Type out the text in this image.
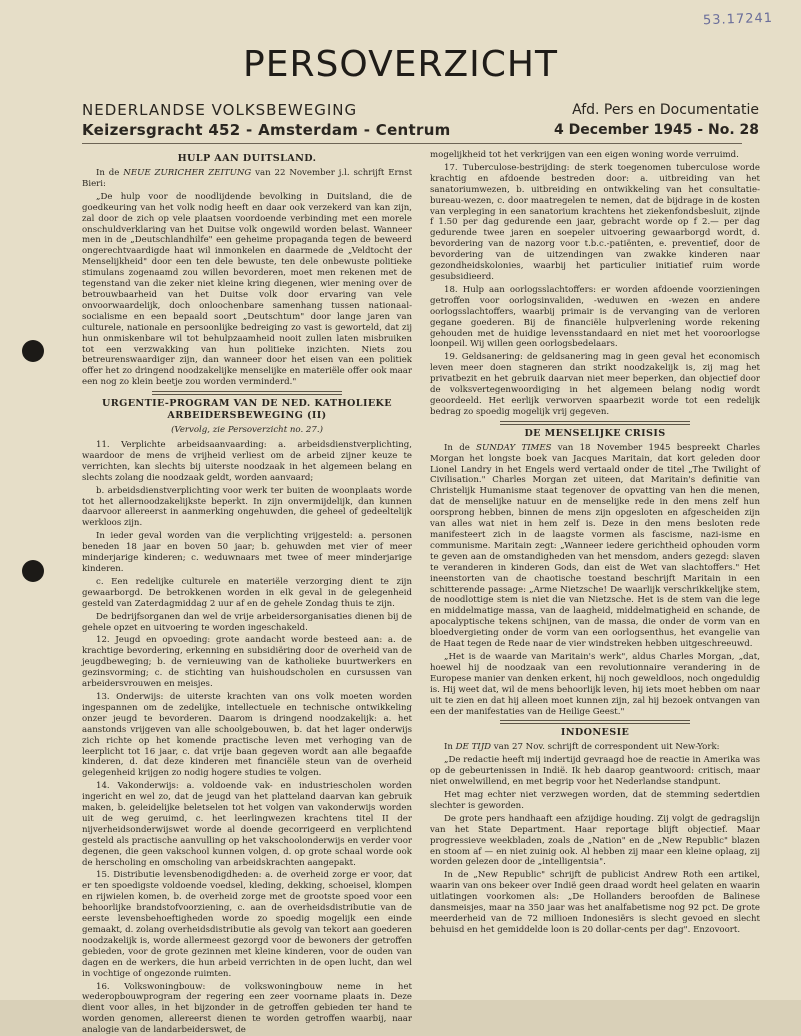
53.17241
PERSOVERZICHT
NEDERLANDSE VOLKSBEWEGING
Keizersgracht 452 - Amsterdam - Centrum
Afd. Pers en Documentatie
4 December 1945 - No. 28
HULP AAN DUITSLAND.

In de NEUE ZURICHER ZEITUNG van 22 November j.l. schrijft Ernst Bieri:

„De hulp voor de noodlijdende bevolking in Duitsland, die de goedkeuring van het volk nodig heeft en daar ook verzekerd van kan zijn, zal door de zich op vele plaatsen voordoende verbinding met een morele onschuldverklaring van het Duitse volk ongewild worden belast. Wanneer men in de „Deutschlandhilfe" een geheime propaganda tegen de beweerd ongerechtvaardigde haat wil inmonkelen en daarmede de „Veldtocht der Menselijkheid" door een ten dele bewuste, ten dele onbewuste politieke stimulans zogenaamd zou willen bevorderen, moet men rekenen met de tegenstand van die zeker niet kleine kring diegenen, wier mening over de betrouwbaarheid van het Duitse volk door ervaring van vele onvoorwaardelijk, doch onloochenbare samenhang tussen nationaal-socialisme en een bepaald soort „Deutschtum" door lange jaren van culturele, nationale en persoonlijke bedreiging zo vast is geworteld, dat zij hun onmiskenbare wil tot behulpzaamheid nooit zullen laten misbruiken tot een verzwakking van hun politieke inzichten. Niets zou betreurenswaardiger zijn, dan wanneer door het eisen van een politiek offer het zo dringend noodzakelijke menselijke en materiële offer ook maar een nog zo klein beetje zou worden verminderd."

URGENTIE-PROGRAM VAN DE NED. KATHOLIEKE ARBEIDERSBEWEGING (II)
(Vervolg, zie Persoverzicht no. 27.)

11. Verplichte arbeidsaanvaarding: a. arbeidsdienstverplichting, waardoor de mens de vrijheid verliest om de arbeid zijner keuze te verrichten, kan slechts bij uiterste noodzaak in het algemeen belang en slechts zolang die noodzaak geldt, worden aanvaard;

b. arbeidsdienstverplichting voor werk ter buiten de woonplaats worde tot het allernoodzakelijkste beperkt. In zijn onvermijdelijk, dan kunnen daarvoor allereerst in aanmerking ongehuwden, die geheel of gedeeltelijk werkloos zijn.

In ieder geval worden van die verplichting vrijgesteld: a. personen beneden 18 jaar en boven 50 jaar; b. gehuwden met vier of meer minderjarige kinderen; c. weduwnaars met twee of meer minderjarige kinderen.

c. Een redelijke culturele en materiële verzorging dient te zijn gewaarborgd. De betrokkenen worden in elk geval in de gelegenheid gesteld van Zaterdagmiddag 2 uur af en de gehele Zondag thuis te zijn.

De bedrijfsorganen dan wel de vrije arbeidersorganisaties dienen bij de gehele opzet en uitvoering te worden ingeschakeld.

12. Jeugd en opvoeding: grote aandacht worde besteed aan: a. de krachtige bevordering, erkenning en subsidiëring door de overheid van de jeugdbeweging; b. de vernieuwing van de katholieke buurtwerkers en gezinsvorming; c. de stichting van huishoudscholen en cursussen van arbeidersvrouwen en meisjes.

13. Onderwijs: de uiterste krachten van ons volk moeten worden ingespannen om de zedelijke, intellectuele en technische ontwikkeling onzer jeugd te bevorderen. Daarom is dringend noodzakelijk: a. het aanstonds vrijgeven van alle schoolgebouwen, b. dat het lager onderwijs zich richte op het komende practische leven met verhoging van de leerplicht tot 16 jaar, c. dat vrije baan gegeven wordt aan alle begaafde kinderen, d. dat deze kinderen met financiële steun van de overheid gelegenheid krijgen zo nodig hogere studies te volgen.

14. Vakonderwijs: a. voldoende vak- en industriescholen worden ingericht en wel zo, dat de jeugd van het platteland daarvan kan gebruik maken, b. geleidelijke beletselen tot het volgen van vakonderwijs worden uit de weg geruimd, c. het leerlingwezen krachtens titel II der nijverheidsonderwijswet worde al doende gecorrigeerd en verplichtend gesteld als practische aanvulling op het vakschoolonderwijs en verder voor degenen, die geen vakschool kunnen volgen, d. op grote schaal worde ook de herscholing en omscholing van arbeidskrachten aangepakt.

15. Distributie levensbenodigdheden: a. de overheid zorge er voor, dat er ten spoedigste voldoende voedsel, kleding, dekking, schoeisel, klompen en rijwielen komen, b. de overheid zorge met de grootste spoed voor een behoorlijke brandstofvoorziening, c. aan de overheidsdistributie van de eerste levensbehoeftigheden worde zo spoedig mogelijk een einde gemaakt, d. zolang overheidsdistributie als gevolg van tekort aan goederen noodzakelijk is, worde allermeest gezorgd voor de bewoners der getroffen gebieden, voor de grote gezinnen met kleine kinderen, voor de ouden van dagen en de werkers, die hun arbeid verrichten in de open lucht, dan wel in vochtige of ongezonde ruimten.

16. Volkswoningbouw: de volkswoningbouw neme in het wederopbouwprogram der regering een zeer voorname plaats in. Deze dient voor alles, in het bijzonder in de getroffen gebieden ter hand te worden genomen, allereerst dienen te worden getroffen waarbij, naar analogie van de landarbeiderswet, de

mogelijkheid tot het verkrijgen van een eigen woning worde verruimd.

17. Tuberculose-bestrijding: de sterk toegenomen tuberculose worde krachtig en afdoende bestreden door: a. uitbreiding van het sanatoriumwezen, b. uitbreiding en ontwikkeling van het consultatie-bureau-wezen, c. door maatregelen te nemen, dat de bijdrage in de kosten van verpleging in een sanatorium krachtens het ziekenfondsbesluit, zijnde f 1.50 per dag gedurende een jaar, gebracht worde op f 2.— per dag gedurende twee jaren en soepeler uitvoering gewaarborgd wordt, d. bevordering van de nazorg voor t.b.c.-patiënten, e. preventief, door de bevordering van de uitzendingen van zwakke kinderen naar gezondheidskolonies, waarbij het particulier initiatief ruim worde gesubsidieerd.

18. Hulp aan oorlogsslachtoffers: er worden afdoende voorzieningen getroffen voor oorlogsinvaliden, -weduwen en -wezen en andere oorlogsslachtoffers, waarbij primair is de vervanging van de verloren gegane goederen. Bij de financiële hulpverlening worde rekening gehouden met de huidige levensstandaard en niet met het vooroorlogse loonpeil. Wij willen geen oorlogsbedelaars.

19. Geldsanering: de geldsanering mag in geen geval het economisch leven meer doen stagneren dan strikt noodzakelijk is, zij mag het privatbezit en het gebruik daarvan niet meer beperken, dan objectief door de volksvertegenwoordiging in het algemeen belang nodig wordt geoordeeld. Het eerlijk verworven spaarbezit worde tot een redelijk bedrag zo spoedig mogelijk vrij gegeven.

DE MENSELIJKE CRISIS

In de SUNDAY TIMES van 18 November 1945 bespreekt Charles Morgan het longste boek van Jacques Maritain, dat kort geleden door Lionel Landry in het Engels werd vertaald onder de titel „The Twilight of Civilisation." Charles Morgan zet uiteen, dat Maritain's definitie van Christelijk Humanisme staat tegenover de opvatting van hen die menen, dat de menselijke natuur en de menselijke rede in den mens zelf hun oorsprong hebben, binnen de mens zijn opgesloten en afgescheiden zijn van alles wat niet in hem zelf is. Deze in den mens besloten rede manifesteert zich in de laagste vormen als fascisme, nazi-isme en communisme. Maritain zegt: „Wanneer iedere gerichtheid ophouden vorm te geven aan de omstandigheden van het mensdom, anders gezegd: slaven te veranderen in kinderen Gods, dan eist de Wet van slachtoffers." Het ineenstorten van de chaotische toestand beschrijft Maritain in een schitterende passage: „Arme Nietzsche! De waarlijk verschrikkelijke stem, de noodlottige stem is niet die van Nietzsche. Het is de stem van die lege en middelmatige massa, van de laagheid, middelmatigheid en schande, de apocalyptische tekens schijnen, van de massa, die onder de vorm van en bloedvergieting onder de vorm van een oorlogsenthus, het evangelie van de Haat tegen de Rede naar de vier windstreken hebben uitgeschreeuwd.

„Het is de waarde van Maritain's werk", aldus Charles Morgan, „dat, hoewel hij de noodzaak van een revolutionnaire verandering in de Europese manier van denken erkent, hij noch geweldloos, noch ongeduldig is. Hij weet dat, wil de mens behoorlijk leven, hij iets moet hebben om naar uit te zien en dat hij alleen moet kunnen zijn, zal hij bezoek ontvangen van een der manifestaties van de Heilige Geest."

INDONESIE

In DE TIJD van 27 Nov. schrijft de correspondent uit New-York:

„De redactie heeft mij indertijd gevraagd hoe de reactie in Amerika was op de gebeurtenissen in Indië. Ik heb daarop geantwoord: critisch, maar niet onwelwillend, en met begrip voor het Nederlandse standpunt.

Het mag echter niet verzwegen worden, dat de stemming sedertdien slechter is geworden.

De grote pers handhaaft een afzijdige houding. Zij volgt de gedragslijn van het State Department. Haar reportage blijft objectief. Maar progressieve weekbladen, zoals de „Nation" en de „New Republic" blazen en stoom af — en niet zuinig ook. Al hebben zij maar een kleine oplaag, zij worden gelezen door de „intelligentsia".

In de „New Republic" schrijft de publicist Andrew Roth een artikel, waarin van ons bekeer over Indië geen draad wordt heel gelaten en waarin uitlatingen voorkomen als: „De Hollanders beroofden de Balinese dansmeisjes, maar na 350 jaar was het analfabetisme nog 92 pct. De grote meerderheid van de 72 millioen Indonesiërs is slecht gevoed en slecht behuisd en het gemiddelde loon is 20 dollar-cents per dag". Enzovoort.
